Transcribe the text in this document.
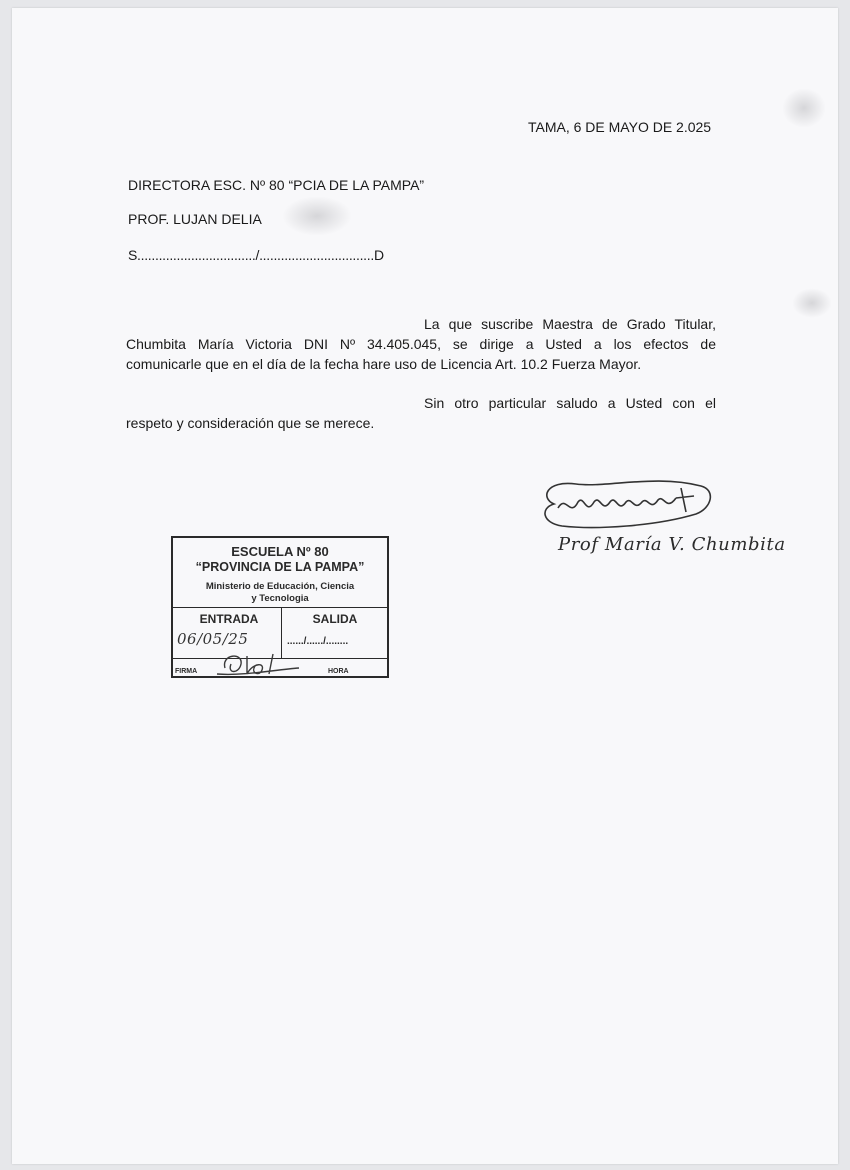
TAMA, 6 DE MAYO DE 2.025
DIRECTORA ESC. Nº 80 “PCIA DE LA PAMPA”
PROF. LUJAN DELIA
S................................./................................D
La que suscribe Maestra de Grado Titular,
Chumbita María Victoria DNI Nº 34.405.045, se dirige a Usted a los efectos de
comunicarle que en el día de la fecha hare uso de Licencia Art. 10.2 Fuerza Mayor.
Sin otro particular saludo a Usted con el
respeto y consideración que se merece.
Prof María V. Chumbita
ESCUELA Nº 80
“PROVINCIA DE LA PAMPA”
Ministerio de Educación, Ciencia
y Tecnologia
ENTRADA	SALIDA
06/05/25	....../....../........
FIRMA	HORA
